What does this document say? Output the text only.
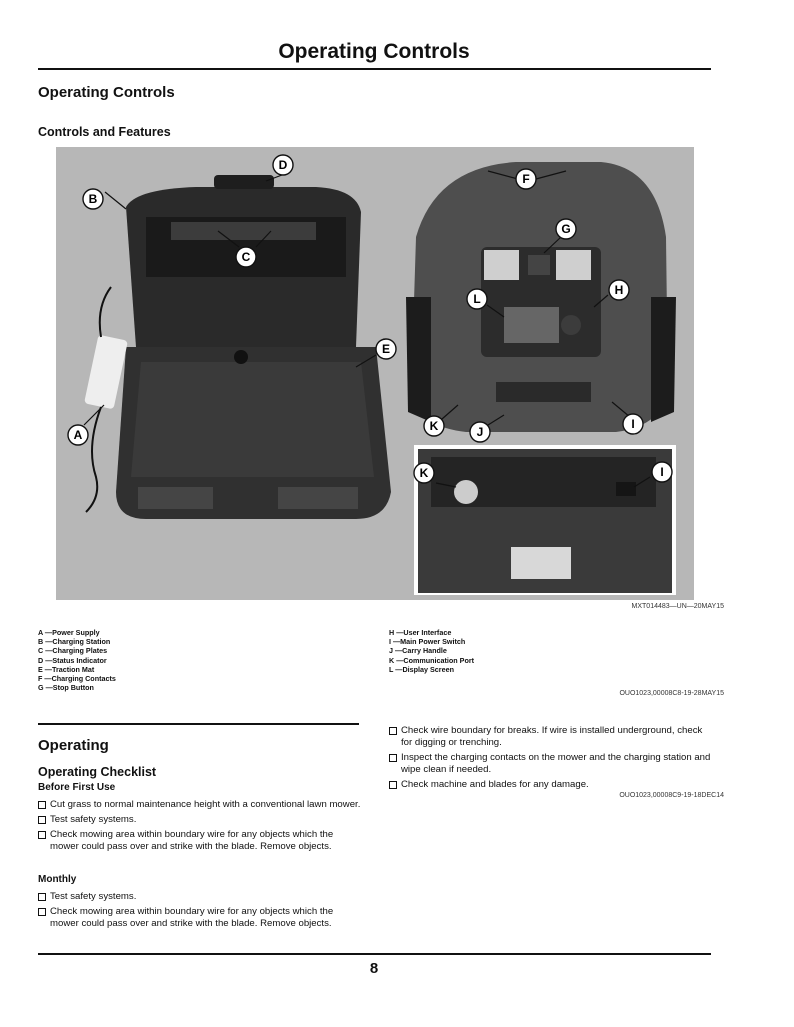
Operating Controls
Operating Controls
Controls and Features
B
D
C
E
A
F
G
H
L
I
J
K
K	I
MXT014483—UN—20MAY15
A —Power Supply
B —Charging Station
C —Charging Plates
D —Status Indicator
E —Traction Mat
F —Charging Contacts
G —Stop Button
H —User Interface
I —Main Power Switch
J —Carry Handle
K —Communication Port
L —Display Screen
OUO1023,00008C8-19-28MAY15
Operating
Operating Checklist
Before First Use
Cut grass to normal maintenance height with a conventional lawn mower.
Test safety systems.
Check mowing area within boundary wire for any objects which the mower could pass over and strike with the blade. Remove objects.
Monthly
Test safety systems.
Check mowing area within boundary wire for any objects which the mower could pass over and strike with the blade. Remove objects.
Check wire boundary for breaks. If wire is installed underground, check for digging or trenching.
Inspect the charging contacts on the mower and the charging station and wipe clean if needed.
Check machine and blades for any damage.
OUO1023,00008C9-19-18DEC14
8
